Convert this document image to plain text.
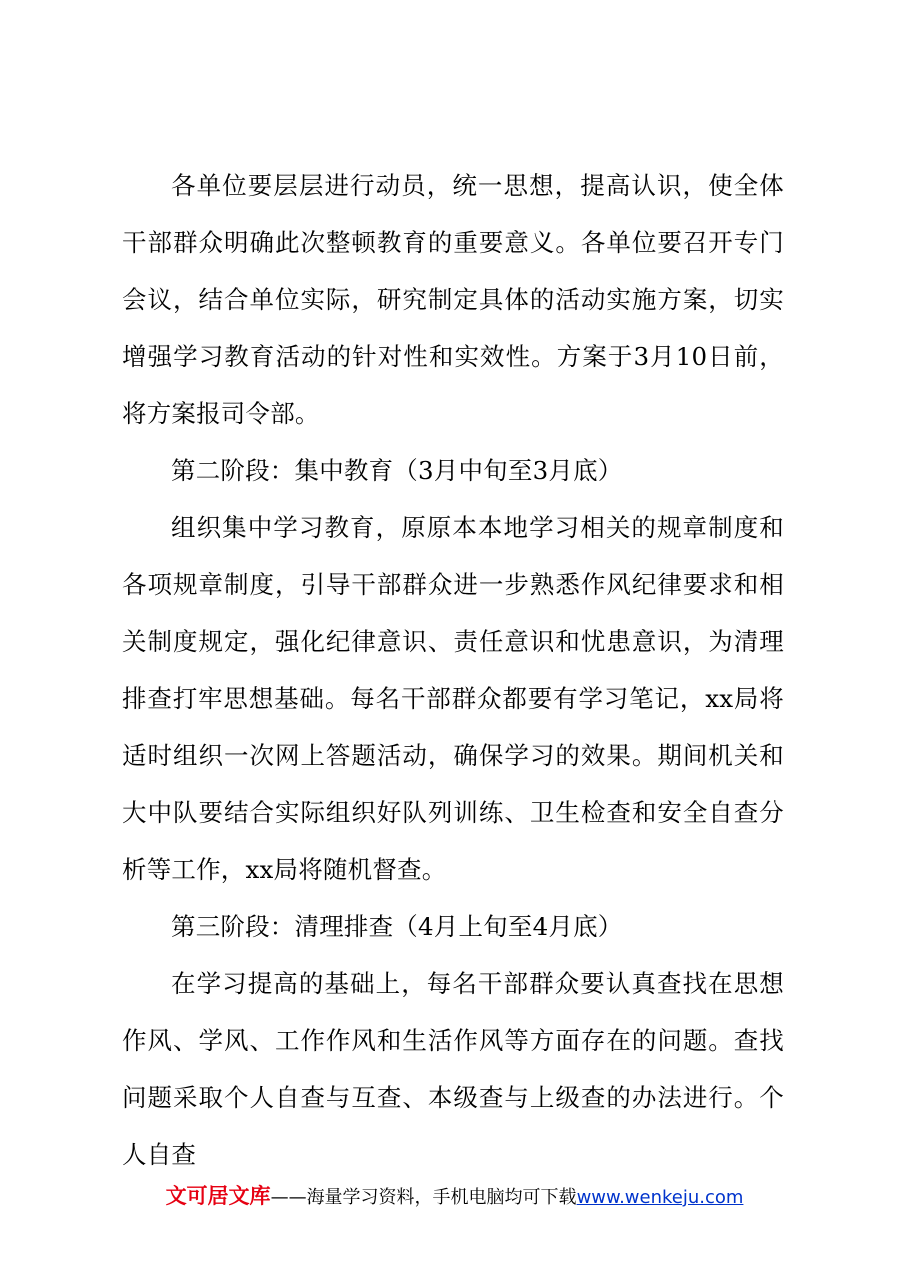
各单位要层层进行动员，统一思想，提高认识，使全体干部群众明确此次整顿教育的重要意义。各单位要召开专门会议，结合单位实际，研究制定具体的活动实施方案，切实增强学习教育活动的针对性和实效性。方案于3月10日前，将方案报司令部。

第二阶段：集中教育（3月中旬至3月底）

组织集中学习教育，原原本本地学习相关的规章制度和各项规章制度，引导干部群众进一步熟悉作风纪律要求和相关制度规定，强化纪律意识、责任意识和忧患意识，为清理排查打牢思想基础。每名干部群众都要有学习笔记，xx局将适时组织一次网上答题活动，确保学习的效果。期间机关和大中队要结合实际组织好队列训练、卫生检查和安全自查分析等工作，xx局将随机督查。

第三阶段：清理排查（4月上旬至4月底）

在学习提高的基础上，每名干部群众要认真查找在思想作风、学风、工作作风和生活作风等方面存在的问题。查找问题采取个人自查与互查、本级查与上级查的办法进行。个人自查

文可居文库——海量学习资料，手机电脑均可下载www.wenkeju.com
